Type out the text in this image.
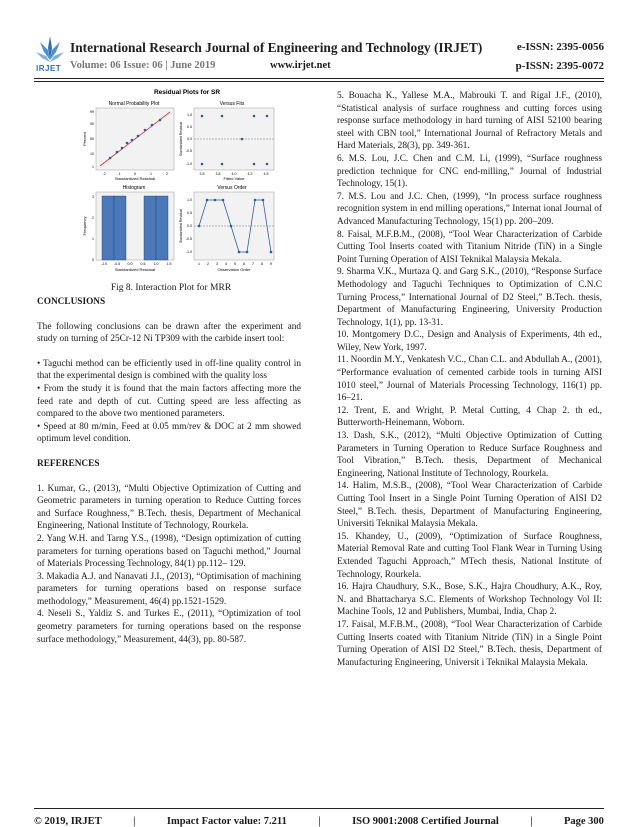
IRJET
International Research Journal of Engineering and Technology (IRJET)	e-ISSN: 2395-0056
Volume: 06 Issue: 06 | June 2019	www.irjet.net	p-ISSN: 2395-0072
Residual Plots for SR
Normal Probability Plot
-2	-1	0	1	2
99
90
50
10
1
Standardized Residual
Percent
Versus Fits
3.5	3.8	4.0	4.2	4.5
1.0
0.5
0.0
-0.5
-1.0
Fitted Value
Standardized Residual
Histogram
-1.0 -0.5 0.0 0.5 1.0 1.5
3
2
1
0
Standardized Residual
Frequency
Versus Order
1 2 3 4 5 6 7 8 9
1.0
0.5
0.0
-0.5
-1.0
Observation Order
Standardized Residual
Fig 8. Interaction Plot for MRR

CONCLUSIONS

The following conclusions can be drawn after the experiment and study on turning of 25Cr-12 Ni TP309 with the carbide insert tool:

• Taguchi method can be efficiently used in off-line quality control in that the experimental design is combined with the quality loss

• From the study it is found that the main factors affecting more the feed rate and depth of cut. Cutting speed are less affecting as compared to the above two mentioned parameters.

• Speed at 80 m/min, Feed at 0.05 mm/rev & DOC at 2 mm showed optimum level condition.

REFERENCES

1. Kumar, G., (2013), “Multi Objective Optimization of Cutting and Geometric parameters in turning operation to Reduce Cutting forces and Surface Roughness,” B.Tech. thesis, Department of Mechanical Engineering, National Institute of Technology, Rourkela.

2. Yang W.H. and Tarng Y.S., (1998), “Design optimization of cutting parameters for turning operations based on Taguchi method,” Journal of Materials Processing Technology, 84(1) pp.112– 129.

3. Makadia A.J. and Nanavati J.I., (2013), “Optimisation of machining parameters for turning operations based on response surface methodology,” Measurement, 46(4) pp.1521-1529.

4. Neseli S., Yaldiz S. and Turkes E., (2011), “Optimization of tool geometry parameters for turning operations based on the response surface methodology,” Measurement, 44(3), pp. 80-587.

5. Bouacha K., Yallese M.A., Mabrouki T. and Rigal J.F., (2010), “Statistical analysis of surface roughness and cutting forces using response surface methodology in hard turning of AISI 52100 bearing steel with CBN tool,” International Journal of Refractory Metals and Hard Materials, 28(3), pp. 349-361.

6. M.S. Lou, J.C. Chen and C.M. Li, (1999), “Surface roughness prediction technique for CNC end-milling,” Journal of Industrial Technology, 15(1).

7. M.S. Lou and J.C. Chen, (1999), “In process surface roughness recognition system in end milling operations,” Internat ional Journal of Advanced Manufacturing Technology, 15(1) pp. 200–209.

8. Faisal, M.F.B.M., (2008), “Tool Wear Characterization of Carbide Cutting Tool Inserts coated with Titanium Nitride (TiN) in a Single Point Turning Operation of AISI Teknikal Malaysia Mekala.

9. Sharma V.K., Murtaza Q. and Garg S.K., (2010), “Response Surface Methodology and Taguchi Techniques to Optimization of C.N.C Turning Process,” International Journal of D2 Steel,” B.Tech. thesis, Department of Manufacturing Engineering, University Production Technology, 1(1), pp. 13-31.

10. Montgomery D.C., Design and Analysis of Experiments, 4th ed., Wiley, New York, 1997.

11. Noordin M.Y., Venkatesh V.C., Chan C.L. and Abdullah A., (2001), “Performance evaluation of cemented carbide tools in turning AISI 1010 steel,” Journal of Materials Processing Technology, 116(1) pp. 16–21.

12. Trent, E. and Wright, P. Metal Cutting, 4 Chap 2. th ed., Butterworth-Heinemann, Woborn.

13. Dash, S.K., (2012), “Multi Objective Optimization of Cutting Parameters in Turning Operation to Reduce Surface Roughness and Tool Vibration,” B.Tech. thesis, Department of Mechanical Engineering, National Institute of Technology, Rourkela.

14. Halim, M.S.B., (2008), “Tool Wear Characterization of Carbide Cutting Tool Insert in a Single Point Turning Operation of AISI D2 Steel,” B.Tech. thesis, Department of Manufacturing Engineering, Universiti Teknikal Malaysia Mekala.

15. Khandey, U., (2009), “Optimization of Surface Roughness, Material Removal Rate and cutting Tool Flank Wear in Turning Using Extended Taguchi Approach,” MTech thesis, National Institute of Technology, Rourkela.

16. Hajra Chaudhury, S.K., Bose, S.K., Hajra Choudhury, A.K., Roy, N. and Bhattacharya S.C. Elements of Workshop Technology Vol II: Machine Tools, 12 and Publishers, Mumbai, India, Chap 2.

17. Faisal, M.F.B.M., (2008), “Tool Wear Characterization of Carbide Cutting Inserts coated with Titanium Nitride (TiN) in a Single Point Turning Operation of AISI D2 Steel,” B.Tech. thesis, Department of Manufacturing Engineering, Universit i Teknikal Malaysia Mekala.

© 2019, IRJET	|	Impact Factor value: 7.211	|	ISO 9001:2008 Certified Journal	|	Page 300
